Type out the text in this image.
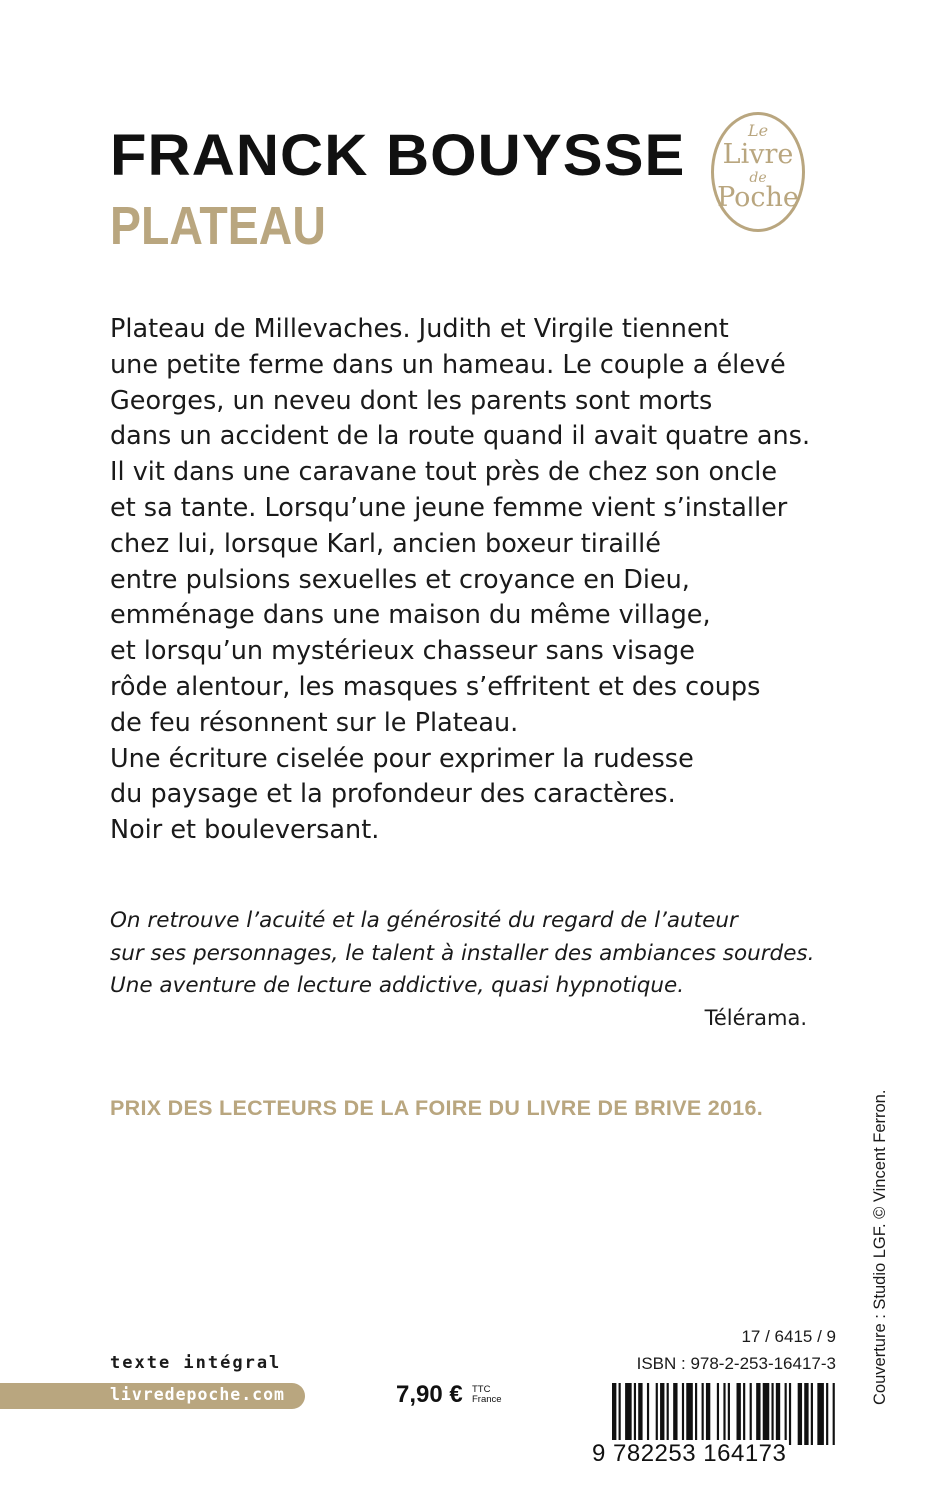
FRANCK BOUYSSE
PLATEAU
Le
Livre
de
Poche
Plateau de Millevaches. Judith et Virgile tiennent
une petite ferme dans un hameau. Le couple a élevé
Georges, un neveu dont les parents sont morts
dans un accident de la route quand il avait quatre ans.
Il vit dans une caravane tout près de chez son oncle
et sa tante. Lorsqu’une jeune femme vient s’installer
chez lui, lorsque Karl, ancien boxeur tiraillé
entre pulsions sexuelles et croyance en Dieu,
emménage dans une maison du même village,
et lorsqu’un mystérieux chasseur sans visage
rôde alentour, les masques s’effritent et des coups
de feu résonnent sur le Plateau.
Une écriture ciselée pour exprimer la rudesse
du paysage et la profondeur des caractères.
Noir et bouleversant.
On retrouve l’acuité et la générosité du regard de l’auteur
sur ses personnages, le talent à installer des ambiances sourdes.
Une aventure de lecture addictive, quasi hypnotique.
Télérama.
PRIX DES LECTEURS DE LA FOIRE DU LIVRE DE BRIVE 2016.	Couverture : Studio LGF. © Vincent Ferron.
texte intégral
livredepoche.com	7,90 € TTC
France
17 / 6415 / 9
ISBN : 978-2-253-16417-3
9 782253 164173
